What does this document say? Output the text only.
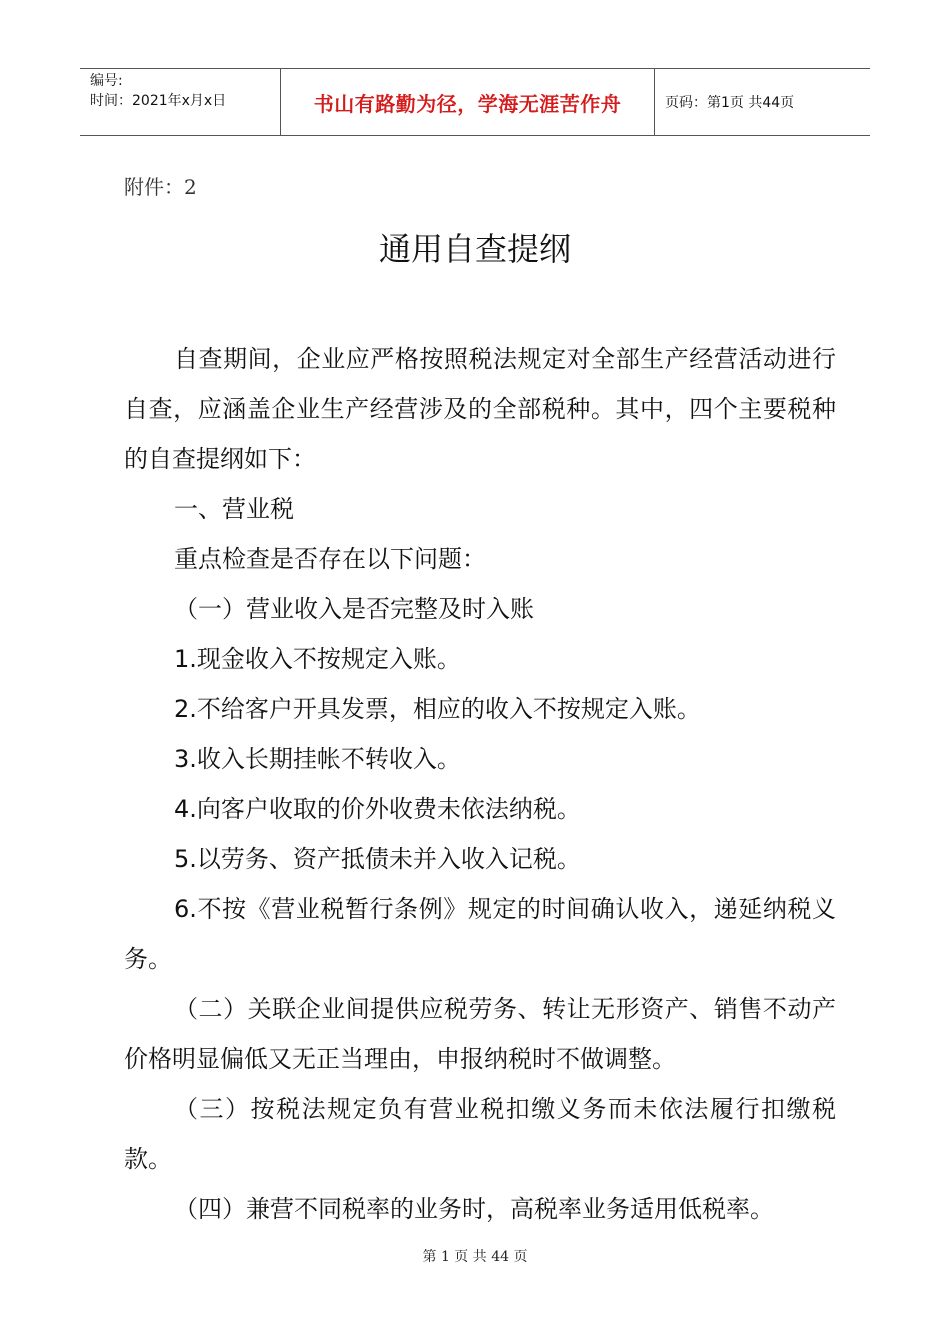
编号:
时间：2021年x月x日	书山有路勤为径，学海无涯苦作舟	页码：第1页 共44页
附件：2
通用自查提纲

自查期间，企业应严格按照税法规定对全部生产经营活动进行自查，应涵盖企业生产经营涉及的全部税种。其中，四个主要税种的自查提纲如下：

一、营业税

重点检查是否存在以下问题：

（一）营业收入是否完整及时入账

1.现金收入不按规定入账。

2.不给客户开具发票，相应的收入不按规定入账。

3.收入长期挂帐不转收入。

4.向客户收取的价外收费未依法纳税。

5.以劳务、资产抵债未并入收入记税。

6.不按《营业税暂行条例》规定的时间确认收入，递延纳税义务。

（二）关联企业间提供应税劳务、转让无形资产、销售不动产价格明显偏低又无正当理由，申报纳税时不做调整。

（三）按税法规定负有营业税扣缴义务而未依法履行扣缴税款。

（四）兼营不同税率的业务时，高税率业务适用低税率。

第 1 页 共 44 页
